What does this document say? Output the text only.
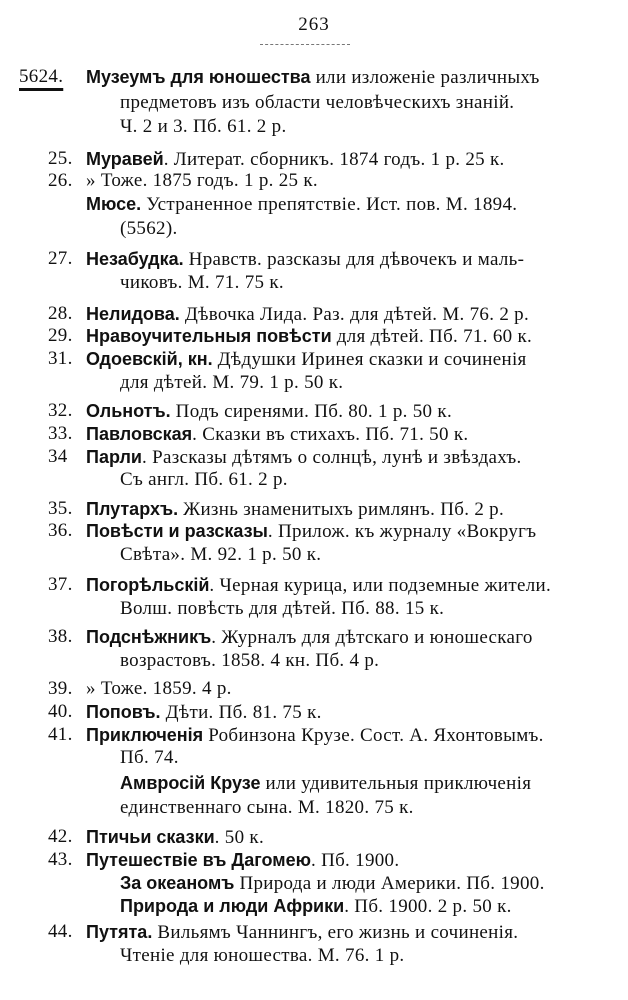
263
5624.	Музеумъ для юношества или изложеніе различныхъ
предметовъ изъ области человѣческихъ знаній.
Ч. 2 и 3. Пб. 61. 2 р.
25. Муравей. Литерат. сборникъ. 1874 годъ. 1 р. 25 к.
26. » Тоже. 1875 годъ. 1 р. 25 к.
Мюсе. Устраненное препятствіе. Ист. пов. М. 1894.
(5562).
27. Незабудка. Нравств. разсказы для дѣвочекъ и маль-
чиковъ. М. 71. 75 к.
28. Нелидова. Дѣвочка Лида. Раз. для дѣтей. М. 76. 2 р.
29. Нравоучительныя повѣсти для дѣтей. Пб. 71. 60 к.
31. Одоевскій, кн. Дѣдушки Иринея сказки и сочиненія
для дѣтей. М. 79. 1 р. 50 к.
32. Ольнотъ. Подъ сиренями. Пб. 80. 1 р. 50 к.
33. Павловская. Сказки въ стихахъ. Пб. 71. 50 к.
34	Парли. Разсказы дѣтямъ о солнцѣ, лунѣ и звѣздахъ.
Съ англ. Пб. 61. 2 р.
35. Плутархъ. Жизнь знаменитыхъ римлянъ. Пб. 2 р.
36. Повѣсти и разсказы. Прилож. къ журналу «Вокругъ
Свѣта». М. 92. 1 р. 50 к.
37. Погорѣльскій. Черная курица, или подземные жители.
Волш. повѣсть для дѣтей. Пб. 88. 15 к.
38. Подснѣжникъ. Журналъ для дѣтскаго и юношескаго
возрастовъ. 1858. 4 кн. Пб. 4 р.
39. » Тоже. 1859. 4 р.
40. Поповъ. Дѣти. Пб. 81. 75 к.
41. Приключенія Робинзона Крузе. Сост. А. Яхонтовымъ.
Пб. 74.
Амвросій Крузе или удивительныя приключенія
единственнаго сына. М. 1820. 75 к.
42. Птичьи сказки. 50 к.
43. Путешествіе въ Дагомею. Пб. 1900.
За океаномъ Природа и люди Америки. Пб. 1900.
Природа и люди Африки. Пб. 1900. 2 р. 50 к.
44. Путята. Вильямъ Чаннингъ, его жизнь и сочиненія.
Чтеніе для юношества. М. 76. 1 р.
